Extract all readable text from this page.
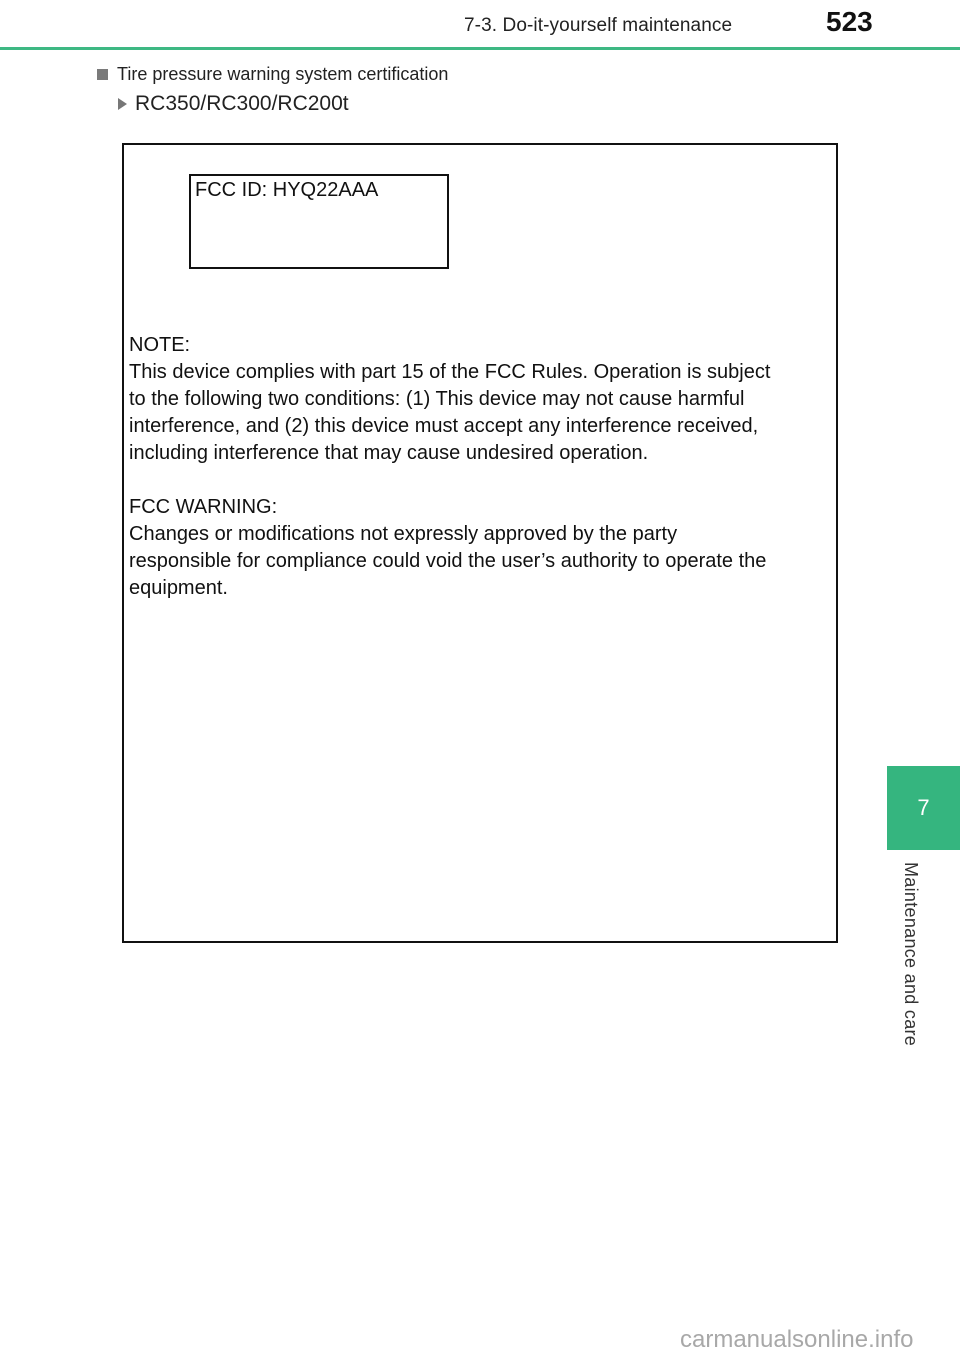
7-3. Do-it-yourself maintenance	523
7
Maintenance and care
Tire pressure warning system certification
RC350/RC300/RC200t
FCC ID: HYQ22AAA

NOTE:

This device complies with part 15 of the FCC Rules. Operation is subject

to the following two conditions: (1) This device may not cause harmful

interference, and (2) this device must accept any interference received,

including interference that may cause undesired operation.

FCC WARNING:

Changes or modifications not expressly approved by the party

responsible for compliance could void the user’s authority to operate the

equipment.

carmanualsonline.info
